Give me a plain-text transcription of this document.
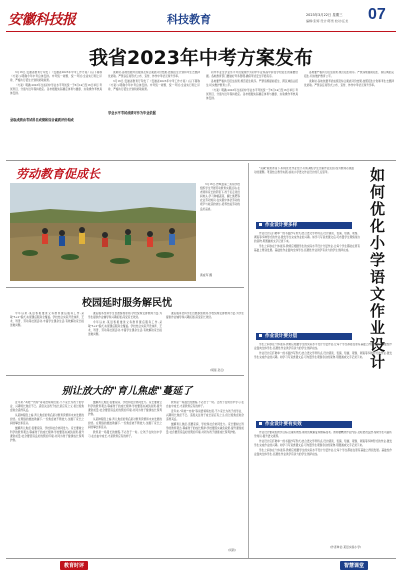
安徽科技报	科技教育	2023年3月22日 星期三
编辑:张婷 设计:陈雪 校对:汪龙 07
我省2023年中考方案发布

3月16日,安徽省教育厅印发了《安徽省2023年中考工作方案》(以下简称《方案》),明确今年中考总体安排。中考统一命题、统一考试;全省实行网上评卷、严格执行招生计划和录取政策。

《方案》明确,2023年全省初中学业水平考试统一于6月14日至16日举行,考试科目、分值与往年保持稳定。各市根据实际确定体育与健康、实验操作考核具体安排。

录取成绩由考试科目成绩和综合素质评价构成

录取时,各地依据考试成绩及综合素质评价结果,按照招生计划和考生志愿择优录取。严禁以任何形式公布、宣传、炒作中考状元和升学率。

3月16日,安徽省教育厅印发了《安徽省2023年中考工作方案》(以下简称《方案》),明确今年中考总体安排。中考统一命题、统一考试;全省实行网上评卷、严格执行招生计划和录取政策。

学业水平考试成绩可作为毕业依据

初中毕业生学业水平考试成绩作为初中毕业和高中阶段学校招生的重要依据。各地教育部门要做好考务管理,确保考试安全平稳有序。

各地要严格执行招生政策,规范招生秩序。严禁违规提前招生、跨区域掐尖招生,切实维护教育公平。

《方案》明确,2023年全省初中学业水平考试统一于6月14日至16日举行,考试科目、分值与往年保持稳定。各市根据实际确定体育与健康、实验操作考核具体安排。

各地要严格执行招生政策,规范招生秩序。严禁违规提前招生、跨区域掐尖招生,切实维护教育公平。

录取时,各地依据考试成绩及综合素质评价结果,按照招生计划和考生志愿择优录取。严禁以任何形式公布、宣传、炒作中考状元和升学率。

劳动教育促成长

3月16日,舒城县第二实验学校组织学生开展劳动教育实践活动,在老师和家长的带领下,孩子们走进田间地头,学习种植蔬菜、翻土施肥等农业劳动知识,在实践中体会劳动的艰辛与收获的快乐,培养热爱劳动的良好品质。

黄成军 摄
校园延时服务解民忧

今年以来,某县积极推进义务教育课后服务工作,采取"5+2"模式,实现课后服务全覆盖。学校结合实际开设体育、艺术、科普、劳动等社团活动,丰富学生课余生活,有效解决家长接送难问题。

课后服务坚持学生自愿参加原则,学校统筹安排教师力量,为学生提供作业辅导和兴趣拓展,深受家长欢迎。

今年以来,某县积极推进义务教育课后服务工作,采取"5+2"模式,实现课后服务全覆盖。学校结合实际开设体育、艺术、科普、劳动等社团活动,丰富学生课余生活,有效解决家长接送难问题。

课后服务坚持学生自愿参加原则,学校统筹安排教师力量,为学生提供作业辅导和兴趣拓展,深受家长欢迎。

(胡星 孙云)
别让放大的"育儿焦虑"蔓延了

近年来,"鸡娃""内卷"等词语频频出现,不少家长为孩子的学业、兴趣特长焦虑不已。适度关注孩子成长是应有之义,但过度焦虑则会适得其反。

从某种程度上看,育儿焦虑的背后是对教育资源和未来发展的担忧。在网络的推波助澜下,一些焦虑被不断放大,加剧了家长之间的攀比和盲从。

缓解育儿焦虑,需要家庭、学校和社会协同发力。家长要树立科学的教育观念,尊重孩子的成长规律;学校要落实减负政策,提升课堂质量;社会要营造良好的舆论环境,共同为孩子健康成长保驾护航。

缓解育儿焦虑,需要家庭、学校和社会协同发力。家长要树立科学的教育观念,尊重孩子的成长规律;学校要落实减负政策,提升课堂质量;社会要营造良好的舆论环境,共同为孩子健康成长保驾护航。

从某种程度上看,育儿焦虑的背后是对教育资源和未来发展的担忧。在网络的推波助澜下,一些焦虑被不断放大,加剧了家长之间的攀比和盲从。

教育是一场漫长的旅程,不必急于一时。让孩子在快乐中学习,在自由中成长,才是教育应有的样子。

教育是一场漫长的旅程,不必急于一时。让孩子在快乐中学习,在自由中成长,才是教育应有的样子。

近年来,"鸡娃""内卷"等词语频频出现,不少家长为孩子的学业、兴趣特长焦虑不已。适度关注孩子成长是应有之义,但过度焦虑则会适得其反。

缓解育儿焦虑,需要家庭、学校和社会协同发力。家长要树立科学的教育观念,尊重孩子的成长规律;学校要落实减负政策,提升课堂质量;社会要营造良好的舆论环境,共同为孩子健康成长保驾护航。

(何新)

"双减"政策背景下,如何优化作业设计,切实减轻学生过重作业负担,成为教师必须面对的课题。笔者结合教学实践,谈谈小学语文作业设计的几点思考。	如何优化小学语文作业设计
作业设计要多样

作业设计应打破单一的书面抄写形式,结合语文学科特点,设计朗读、表演、绘画、观察、调查等多种形式的作业,激发学生完成作业的兴趣。如学习写景类课文后,可布置学生观察身边的景物,用图画或文字记录下来。

学生之间存在个体差异,教师应根据学生的实际水平设计分层作业,让每个学生都能在原有基础上得到发展。基础性作业面向全体学生,拓展性作业供学有余力的学生选择完成。

作业设计要分层

学生之间存在个体差异,教师应根据学生的实际水平设计分层作业,让每个学生都能在原有基础上得到发展。基础性作业面向全体学生,拓展性作业供学有余力的学生选择完成。

作业设计应打破单一的书面抄写形式,结合语文学科特点,设计朗读、表演、绘画、观察、调查等多种形式的作业,激发学生完成作业的兴趣。如学习写景类课文后,可布置学生观察身边的景物,用图画或文字记录下来。

作业设计要有实效

作业设计要紧扣教学目标,注重实效性,避免机械重复和题海战术。教师要精选作业内容,及时批改反馈,帮助学生巩固所学知识,提升语文素养。

作业设计应打破单一的书面抄写形式,结合语文学科特点,设计朗读、表演、绘画、观察、调查等多种形式的作业,激发学生完成作业的兴趣。如学习写景类课文后,可布置学生观察身边的景物,用图画或文字记录下来。

学生之间存在个体差异,教师应根据学生的实际水平设计分层作业,让每个学生都能在原有基础上得到发展。基础性作业面向全体学生,拓展性作业供学有余力的学生选择完成。

(作者单位:某县实验小学)
教育时评	智慧课堂
